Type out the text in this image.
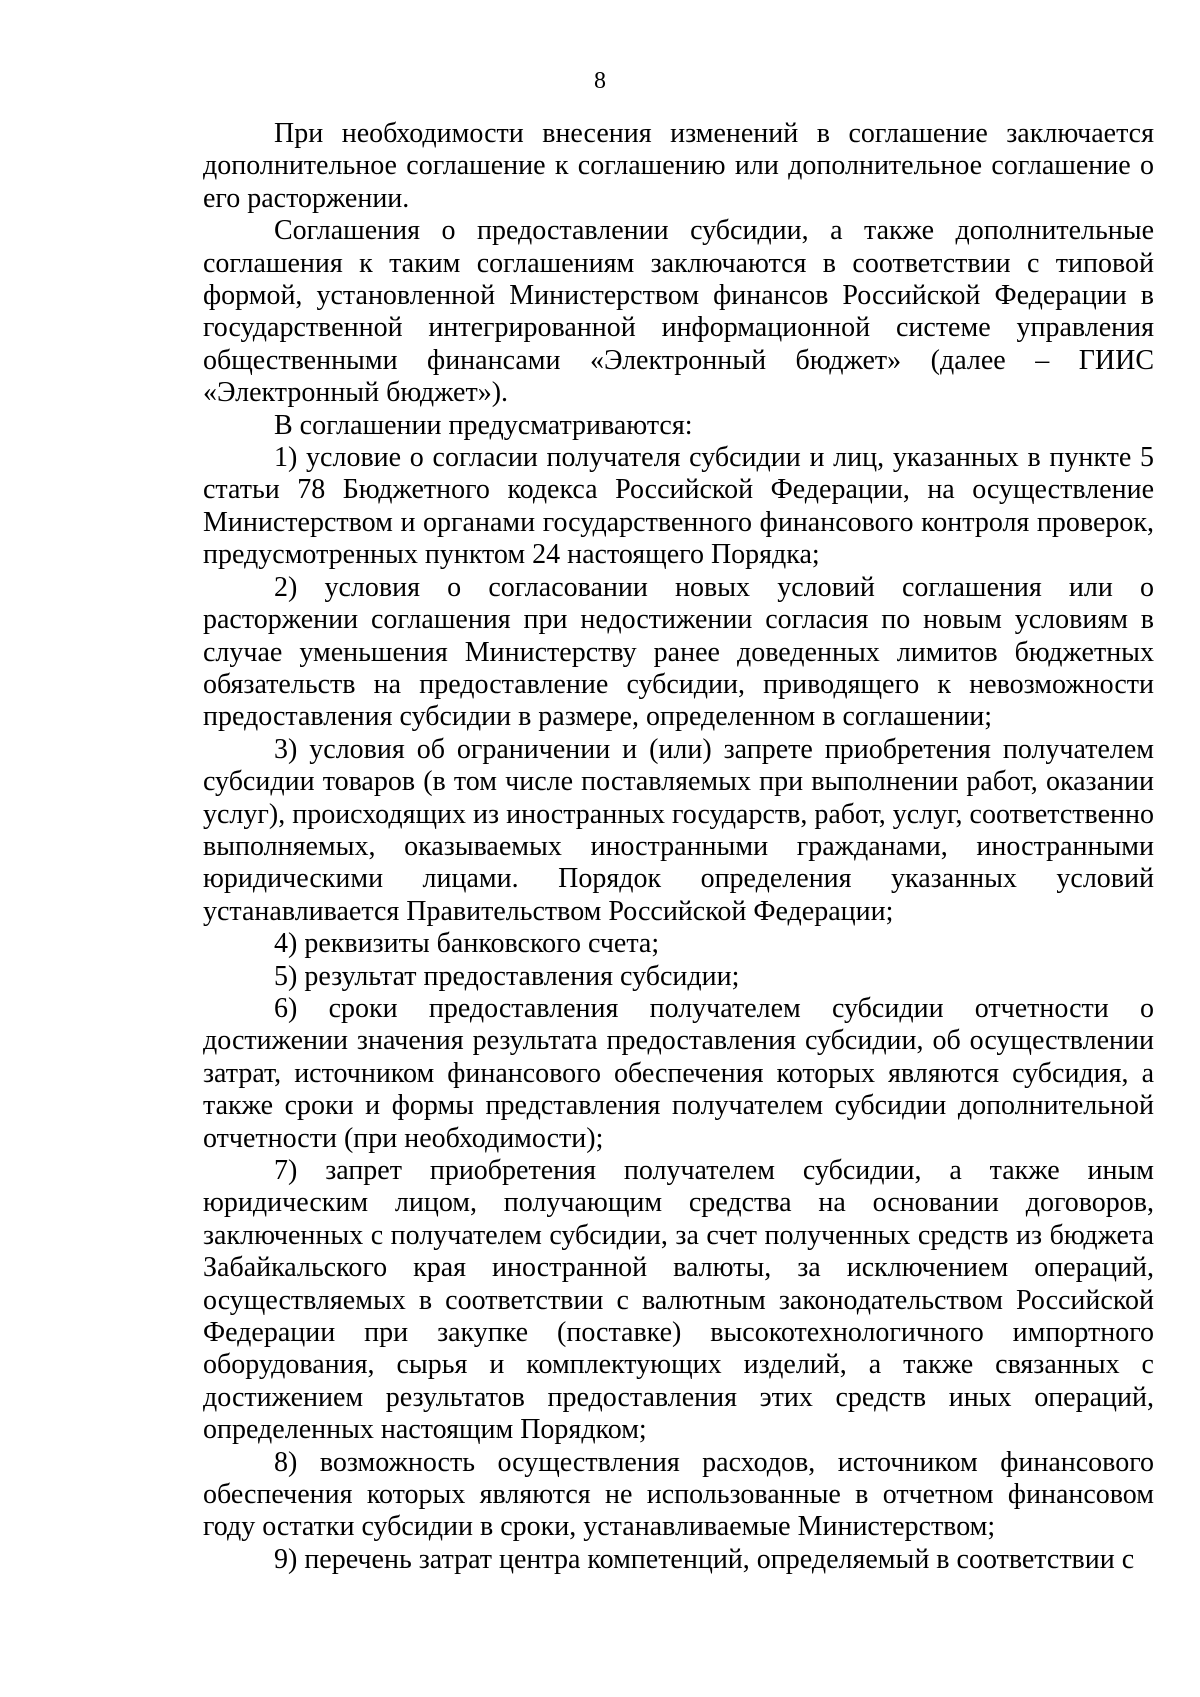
8

При необходимости внесения изменений в соглашение заключается дополнительное соглашение к соглашению или дополнительное соглашение о его расторжении.

Соглашения о предоставлении субсидии, а также дополнительные соглашения к таким соглашениям заключаются в соответствии с типовой формой, установленной Министерством финансов Российской Федерации в государственной интегрированной информационной системе управления общественными финансами «Электронный бюджет» (далее – ГИИС «Электронный бюджет»).

В соглашении предусматриваются:

1) условие о согласии получателя субсидии и лиц, указанных в пункте 5 статьи 78 Бюджетного кодекса Российской Федерации, на осуществление Министерством и органами государственного финансового контроля проверок, предусмотренных пунктом 24 настоящего Порядка;

2) условия о согласовании новых условий соглашения или о расторжении соглашения при недостижении согласия по новым условиям в случае уменьшения Министерству ранее доведенных лимитов бюджетных обязательств на предоставление субсидии, приводящего к невозможности предоставления субсидии в размере, определенном в соглашении;

3) условия об ограничении и (или) запрете приобретения получателем субсидии товаров (в том числе поставляемых при выполнении работ, оказании услуг), происходящих из иностранных государств, работ, услуг, соответственно выполняемых, оказываемых иностранными гражданами, иностранными юридическими лицами. Порядок определения указанных условий устанавливается Правительством Российской Федерации;

4) реквизиты банковского счета;

5) результат предоставления субсидии;

6) сроки предоставления получателем субсидии отчетности о достижении значения результата предоставления субсидии, об осуществлении затрат, источником финансового обеспечения которых являются субсидия, а также сроки и формы представления получателем субсидии дополнительной отчетности (при необходимости);

7) запрет приобретения получателем субсидии, а также иным юридическим лицом, получающим средства на основании договоров, заключенных с получателем субсидии, за счет полученных средств из бюджета Забайкальского края иностранной валюты, за исключением операций, осуществляемых в соответствии с валютным законодательством Российской Федерации при закупке (поставке) высокотехнологичного импортного оборудования, сырья и комплектующих изделий, а также связанных с достижением результатов предоставления этих средств иных операций, определенных настоящим Порядком;

8) возможность осуществления расходов, источником финансового обеспечения которых являются не использованные в отчетном финансовом году остатки субсидии в сроки, устанавливаемые Министерством;

9) перечень затрат центра компетенций, определяемый в соответствии с
